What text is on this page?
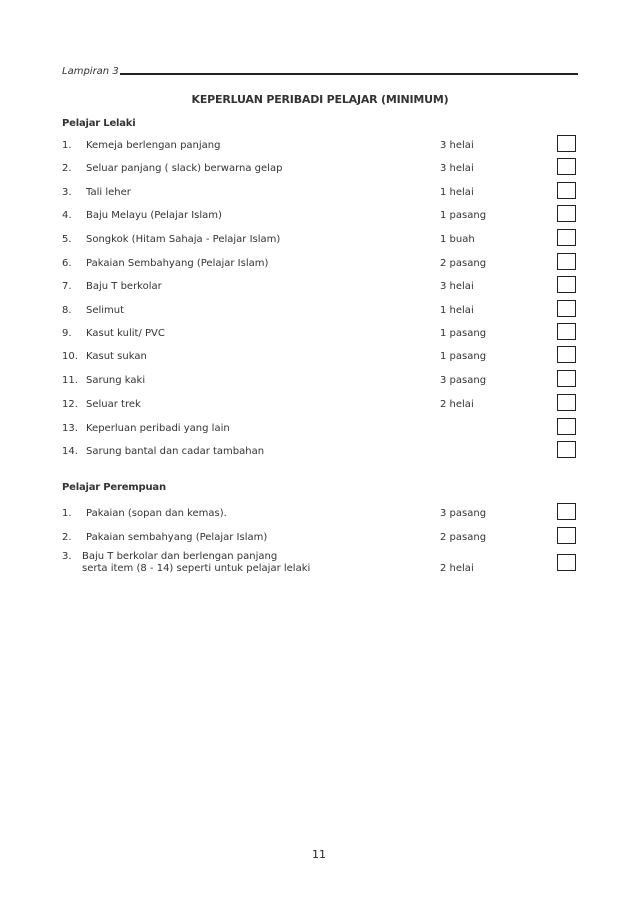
Lampiran 3
KEPERLUAN PERIBADI PELAJAR (MINIMUM)
Pelajar Lelaki
1. Kemeja berlengan panjang	3 helai
2. Seluar panjang ( slack) berwarna gelap	3 helai
3. Tali leher	1 helai
4. Baju Melayu (Pelajar Islam)	1 pasang
5. Songkok (Hitam Sahaja - Pelajar Islam)	1 buah
6. Pakaian Sembahyang (Pelajar Islam)	2 pasang
7. Baju T berkolar	3 helai
8. Selimut	1 helai
9. Kasut kulit/ PVC	1 pasang
10. Kasut sukan	1 pasang
11. Sarung kaki	3 pasang
12. Seluar trek	2 helai
13. Keperluan peribadi yang lain
14. Sarung bantal dan cadar tambahan
Pelajar Perempuan
1. Pakaian (sopan dan kemas).	3 pasang
2. Pakaian sembahyang (Pelajar Islam)	2 pasang
3. Baju T berkolar dan berlengan panjang
serta item (8 - 14) seperti untuk pelajar lelaki	2 helai
11
